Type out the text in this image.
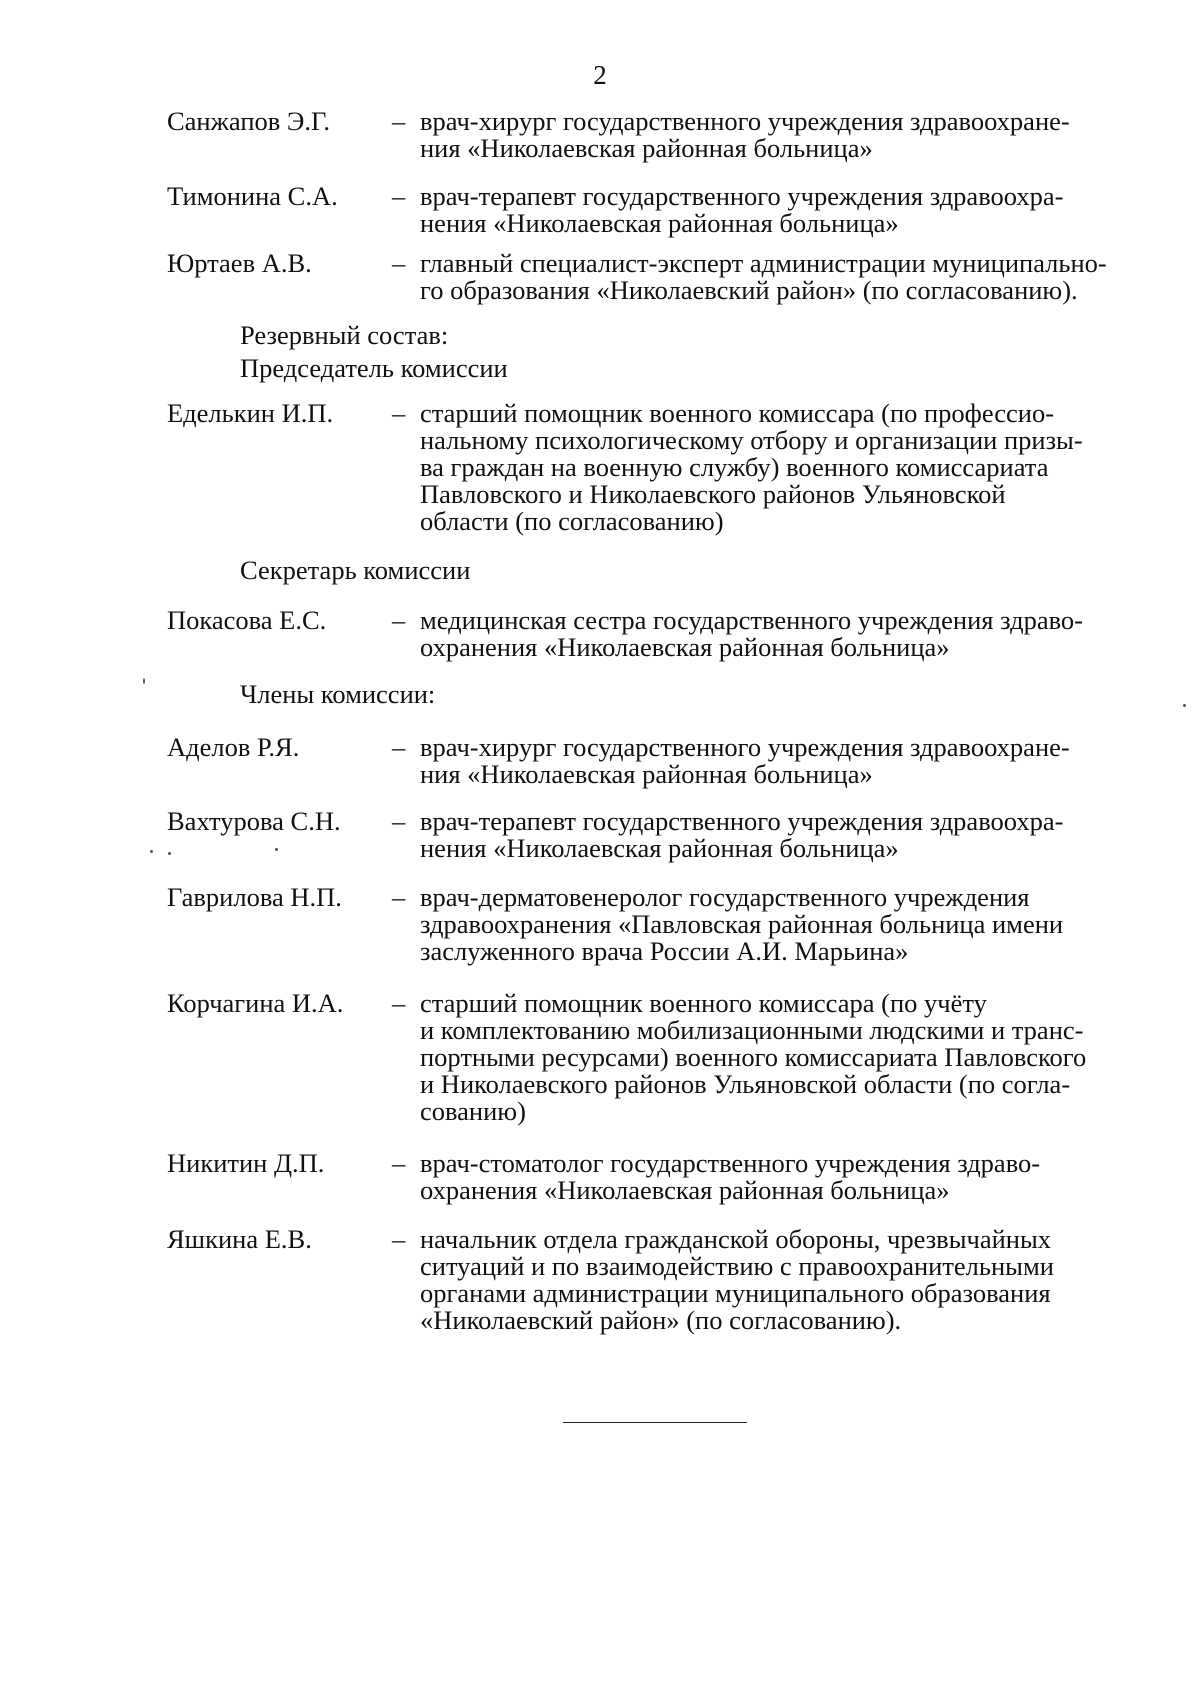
2
Санжапов Э.Г. – врач-хирург государственного учреждения здравоохране-
ния «Николаевская районная больница»
Тимонина С.А. – врач-терапевт государственного учреждения здравоохра-
нения «Николаевская районная больница»
Юртаев А.В.	– главный специалист-эксперт администрации муниципально-
го образования «Николаевский район» (по согласованию).
Резервный состав:
Председатель комиссии
Еделькин И.П. – старший помощник военного комиссара (по профессио-
нальному психологическому отбору и организации призы-
ва граждан на военную службу) военного комиссариата
Павловского и Николаевского районов Ульяновской
области (по согласованию)
Секретарь комиссии
Покасова Е.С. – медицинская сестра государственного учреждения здраво-
охранения «Николаевская районная больница»
Члены комиссии:
Аделов Р.Я.	– врач-хирург государственного учреждения здравоохране-
ния «Николаевская районная больница»
Вахтурова С.Н. – врач-терапевт государственного учреждения здравоохра-
нения «Николаевская районная больница»
Гаврилова Н.П. – врач-дерматовенеролог государственного учреждения
здравоохранения «Павловская районная больница имени
заслуженного врача России А.И. Марьина»
Корчагина И.А. – старший помощник военного комиссара (по учёту
и комплектованию мобилизационными людскими и транс-
портными ресурсами) военного комиссариата Павловского
и Николаевского районов Ульяновской области (по согла-
сованию)
Никитин Д.П.	– врач-стоматолог государственного учреждения здраво-
охранения «Николаевская районная больница»
Яшкина Е.В.	– начальник отдела гражданской обороны, чрезвычайных
ситуаций и по взаимодействию с правоохранительными
органами администрации муниципального образования
«Николаевский район» (по согласованию).
